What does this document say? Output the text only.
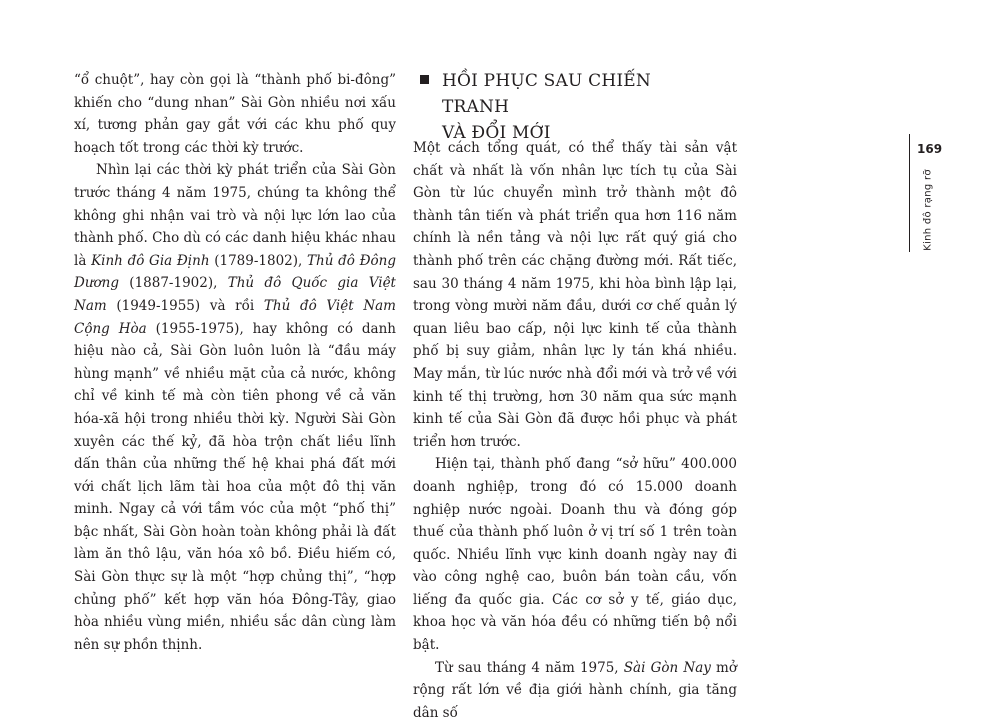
“ổ chuột”, hay còn gọi là “thành phố bi-đông” khiến cho “dung nhan” Sài Gòn nhiều nơi xấu xí, tương phản gay gắt với các khu phố quy hoạch tốt trong các thời kỳ trước.

Nhìn lại các thời kỳ phát triển của Sài Gòn trước tháng 4 năm 1975, chúng ta không thể không ghi nhận vai trò và nội lực lớn lao của thành phố. Cho dù có các danh hiệu khác nhau là Kinh đô Gia Định (1789-1802), Thủ đô Đông Dương (1887-1902), Thủ đô Quốc gia Việt Nam (1949-1955) và rồi Thủ đô Việt Nam Cộng Hòa (1955-1975), hay không có danh hiệu nào cả, Sài Gòn luôn luôn là “đầu máy hùng mạnh” về nhiều mặt của cả nước, không chỉ về kinh tế mà còn tiên phong về cả văn hóa-xã hội trong nhiều thời kỳ. Người Sài Gòn xuyên các thế kỷ, đã hòa trộn chất liều lĩnh dấn thân của những thế hệ khai phá đất mới với chất lịch lãm tài hoa của một đô thị văn minh. Ngay cả với tầm vóc của một “phố thị” bậc nhất, Sài Gòn hoàn toàn không phải là đất làm ăn thô lậu, văn hóa xô bồ. Điều hiếm có, Sài Gòn thực sự là một “hợp chủng thị”, “hợp chủng phố” kết hợp văn hóa Đông-Tây, giao hòa nhiều vùng miền, nhiều sắc dân cùng làm nên sự phồn thịnh.

HỒI PHỤC SAU CHIẾN TRANH
VÀ ĐỔI MỚI

Một cách tổng quát, có thể thấy tài sản vật chất và nhất là vốn nhân lực tích tụ của Sài Gòn từ lúc chuyển mình trở thành một đô thành tân tiến và phát triển qua hơn 116 năm chính là nền tảng và nội lực rất quý giá cho thành phố trên các chặng đường mới. Rất tiếc, sau 30 tháng 4 năm 1975, khi hòa bình lập lại, trong vòng mười năm đầu, dưới cơ chế quản lý quan liêu bao cấp, nội lực kinh tế của thành phố bị suy giảm, nhân lực ly tán khá nhiều. May mắn, từ lúc nước nhà đổi mới và trở về với kinh tế thị trường, hơn 30 năm qua sức mạnh kinh tế của Sài Gòn đã được hồi phục và phát triển hơn trước.

Hiện tại, thành phố đang “sở hữu” 400.000 doanh nghiệp, trong đó có 15.000 doanh nghiệp nước ngoài. Doanh thu và đóng góp thuế của thành phố luôn ở vị trí số 1 trên toàn quốc. Nhiều lĩnh vực kinh doanh ngày nay đi vào công nghệ cao, buôn bán toàn cầu, vốn liếng đa quốc gia. Các cơ sở y tế, giáo dục, khoa học và văn hóa đều có những tiến bộ nổi bật.

Từ sau tháng 4 năm 1975, Sài Gòn Nay mở rộng rất lớn về địa giới hành chính, gia tăng dân số

169
Kinh đô rạng rỡ
